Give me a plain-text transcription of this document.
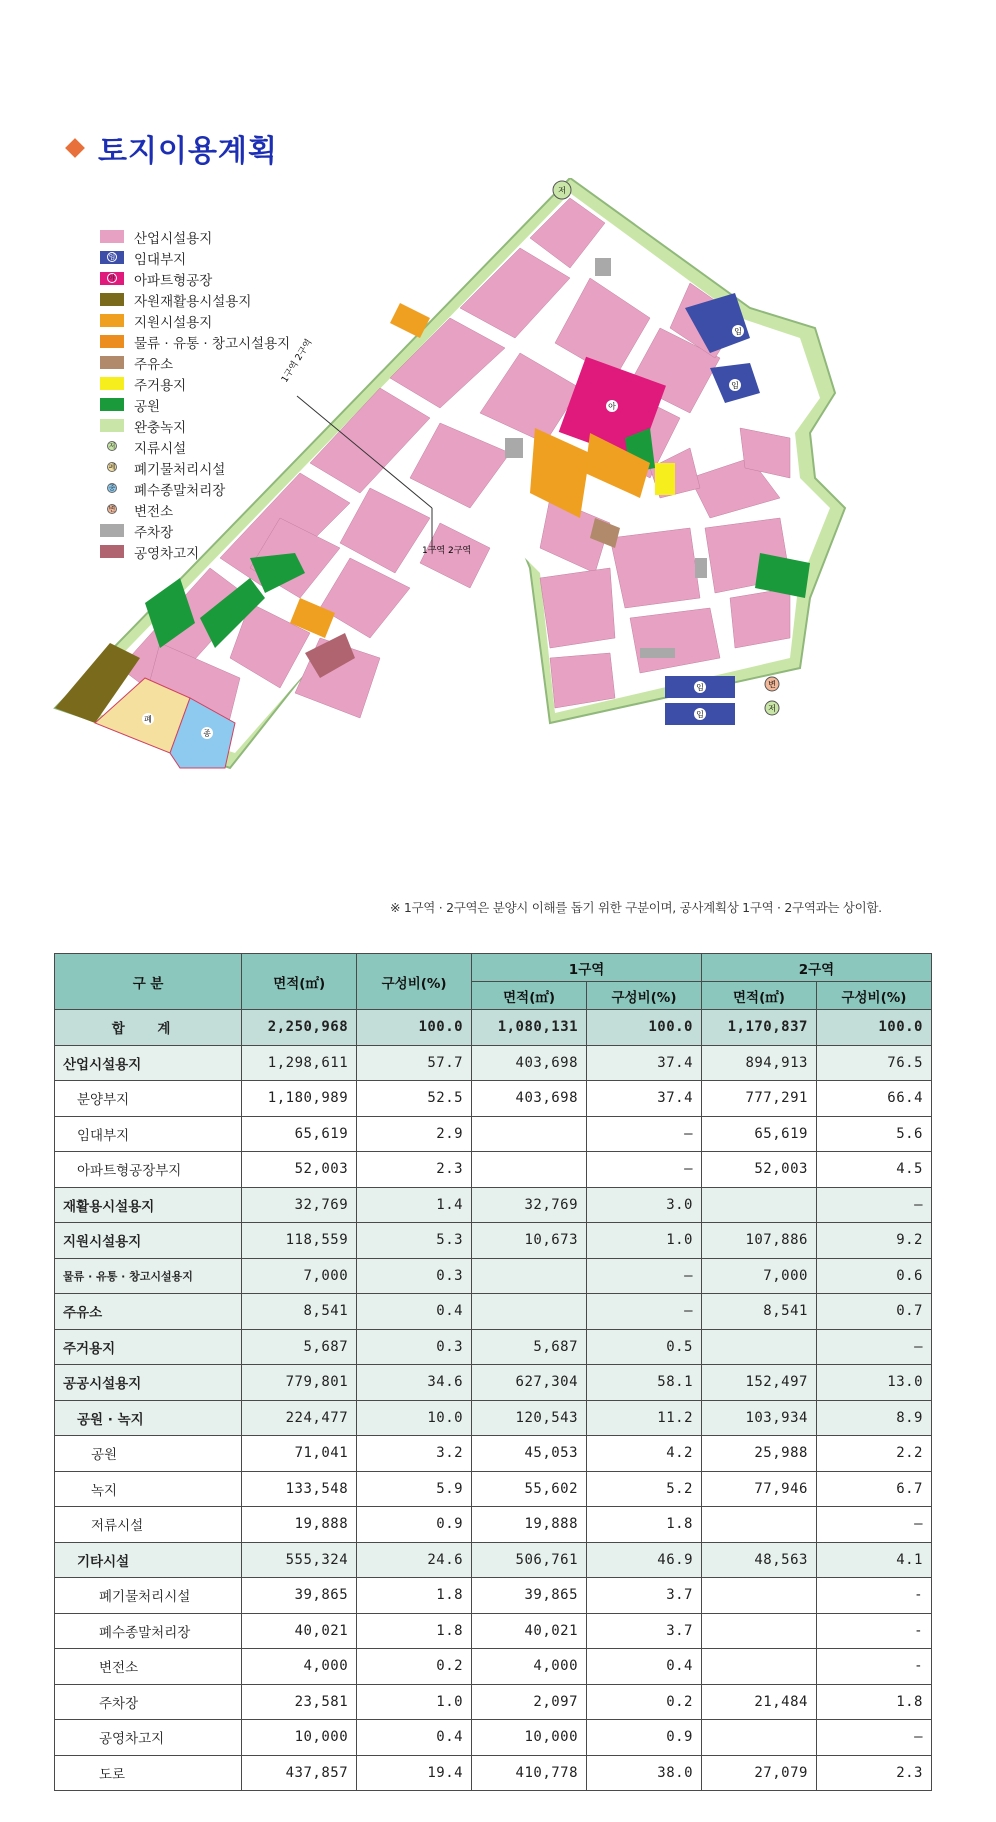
토지이용계획
저
임
임
아
임
임
폐
종
변
저
1구역 2구역
1구역 2구역
산업시설용지
임 임대부지
아 아파트형공장
자원재활용시설용지
지원시설용지
물류 · 유통 · 창고시설용지
주유소
주거용지
공원
완충녹지
저 지류시설
폐 폐기물처리시설
종 폐수종말처리장
변 변전소
주차장
공영차고지
※ 1구역 · 2구역은 분양시 이해를 돕기 위한 구분이며, 공사계획상 1구역 · 2구역과는 상이함.
구 분	면적(㎡)	구성비(%)	1구역		2구역	
			면적(㎡)	구성비(%)	면적(㎡)	구성비(%)
합 계	2,250,968	100.0	1,080,131	100.0	1,170,837	100.0
산업시설용지	1,298,611	57.7	403,698	37.4	894,913	76.5
분양부지	1,180,989	52.5	403,698	37.4	777,291	66.4
임대부지	65,619	2.9		–	65,619	5.6
아파트형공장부지	52,003	2.3		–	52,003	4.5
재활용시설용지	32,769	1.4	32,769	3.0		–
지원시설용지	118,559	5.3	10,673	1.0	107,886	9.2
물류 · 유통 · 창고시설용지	7,000	0.3		–	7,000	0.6
주유소	8,541	0.4		–	8,541	0.7
주거용지	5,687	0.3	5,687	0.5		–
공공시설용지	779,801	34.6	627,304	58.1	152,497	13.0
공원 · 녹지	224,477	10.0	120,543	11.2	103,934	8.9
공원	71,041	3.2	45,053	4.2	25,988	2.2
녹지	133,548	5.9	55,602	5.2	77,946	6.7
저류시설	19,888	0.9	19,888	1.8		–
기타시설	555,324	24.6	506,761	46.9	48,563	4.1
폐기물처리시설	39,865	1.8	39,865	3.7		-
폐수종말처리장	40,021	1.8	40,021	3.7		-
변전소	4,000	0.2	4,000	0.4		-
주차장	23,581	1.0	2,097	0.2	21,484	1.8
공영차고지	10,000	0.4	10,000	0.9		–
도로	437,857	19.4	410,778	38.0	27,079	2.3
